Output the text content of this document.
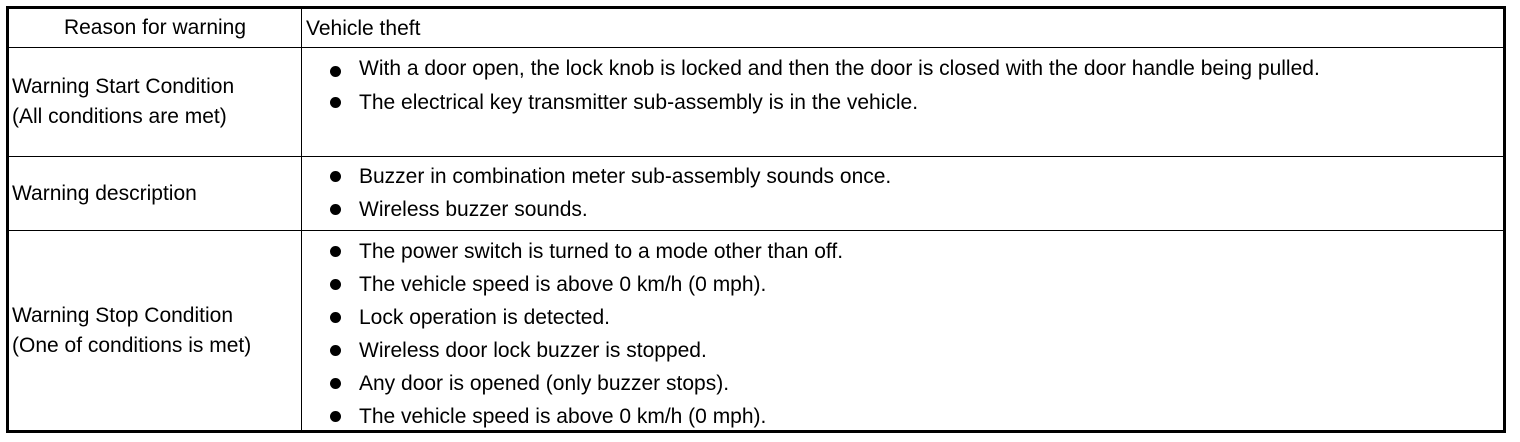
Reason for warning	Vehicle theft
Warning Start Condition
(All conditions are met)
With a door open, the lock knob is locked and then the door is closed with the door handle being pulled.
The electrical key transmitter sub-assembly is in the vehicle.
Warning description
Buzzer in combination meter sub-assembly sounds once.
Wireless buzzer sounds.
Warning Stop Condition
(One of conditions is met)
The power switch is turned to a mode other than off.
The vehicle speed is above 0 km/h (0 mph).
Lock operation is detected.
Wireless door lock buzzer is stopped.
Any door is opened (only buzzer stops).
The vehicle speed is above 0 km/h (0 mph).
